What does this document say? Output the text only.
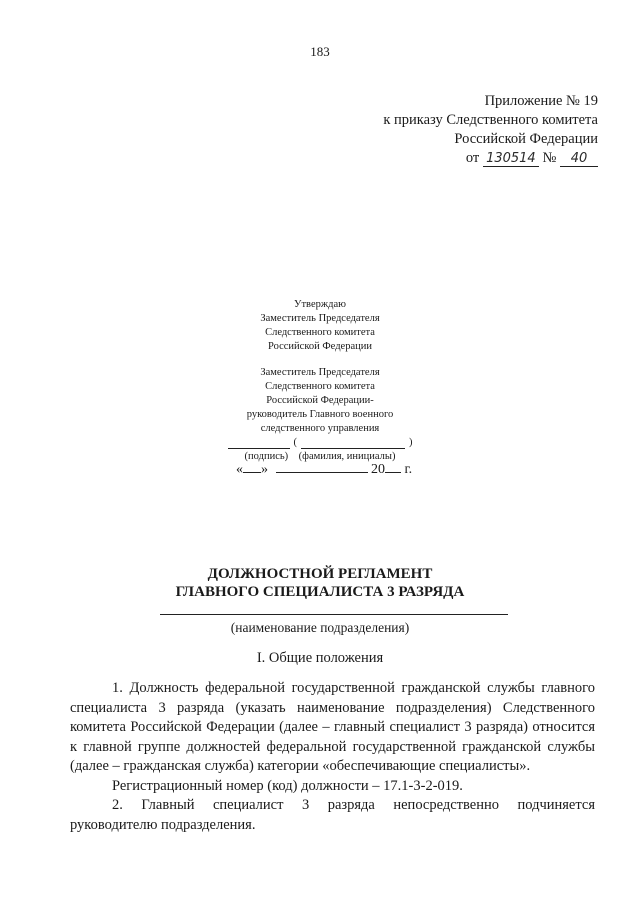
183
Приложение № 19
к приказу Следственного комитета
Российской Федерации
от 130514 № 40
Утверждаю
Заместитель Председателя
Следственного комитета
Российской Федерации
Заместитель Председателя
Следственного комитета
Российской Федерации-
руководитель Главного военного
следственного управления
(	)
(подпись) (фамилия, инициалы)
« »	20 г.
ДОЛЖНОСТНОЙ РЕГЛАМЕНТ
ГЛАВНОГО СПЕЦИАЛИСТА 3 РАЗРЯДА
(наименование подразделения)
I. Общие положения

1. Должность федеральной государственной гражданской службы главного специалиста 3 разряда (указать наименование подразделения) Следственного комитета Российской Федерации (далее – главный специалист 3 разряда) относится к главной группе должностей федеральной государственной гражданской службы (далее – гражданская служба) категории «обеспечивающие специалисты».

Регистрационный номер (код) должности – 17.1-3-2-019.

2. Главный специалист 3 разряда непосредственно подчиняется руководителю подразделения.
